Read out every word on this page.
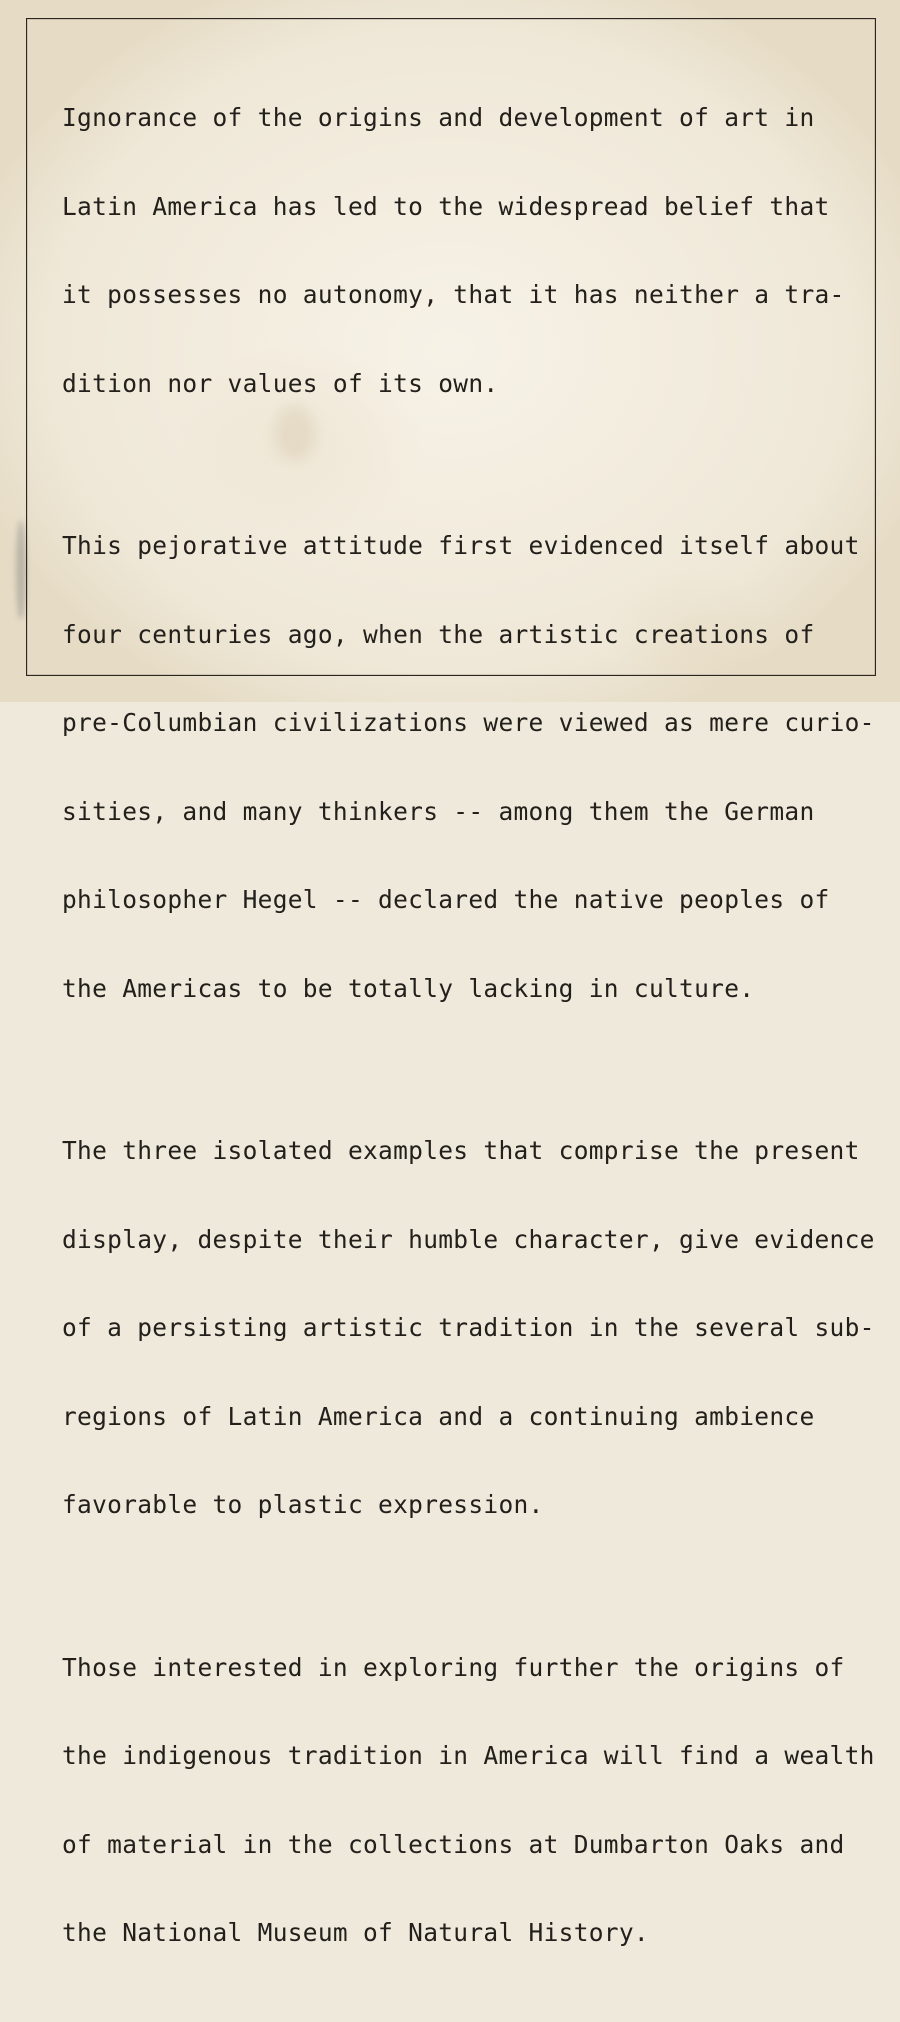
Ignorance of the origins and development of art in

Latin America has led to the widespread belief that

it possesses no autonomy, that it has neither a tra-

dition nor values of its own.

This pejorative attitude first evidenced itself about

four centuries ago, when the artistic creations of

pre-Columbian civilizations were viewed as mere curio-

sities, and many thinkers -- among them the German

philosopher Hegel -- declared the native peoples of

the Americas to be totally lacking in culture.

The three isolated examples that comprise the present

display, despite their humble character, give evidence

of a persisting artistic tradition in the several sub-

regions of Latin America and a continuing ambience

favorable to plastic expression.

Those interested in exploring further the origins of

the indigenous tradition in America will find a wealth

of material in the collections at Dumbarton Oaks and

the National Museum of Natural History.
